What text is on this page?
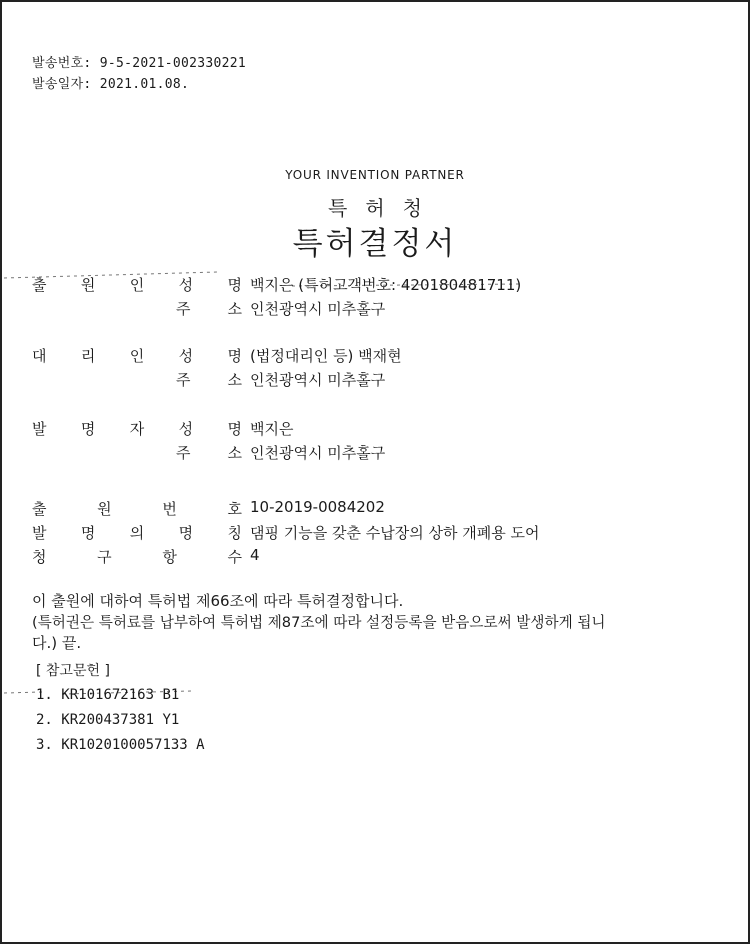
발송번호: 9-5-2021-002330221
발송일자: 2021.01.08.
YOUR INVENTION PARTNER
특허청
특허결정서
출 원 인 성 명 백지은 (특허고객번호: 420180481711)
주 소 인천광역시 미추홀구
대 리 인 성 명 (법정대리인 등) 백재현
주 소 인천광역시 미추홀구
발 명 자 성 명 백지은
주 소 인천광역시 미추홀구
출	원	번	호 10-2019-0084202
발 명 의 명 칭 댐핑 기능을 갖춘 수납장의 상하 개폐용 도어
청	구	항	수 4
이 출원에 대하여 특허법 제66조에 따라 특허결정합니다.
(특허권은 특허료를 납부하여 특허법 제87조에 따라 설정등록을 받음으로써 발생하게 됩니
다.) 끝.
[ 참고문헌 ]
1. KR101672163 B1
2. KR200437381 Y1
3. KR1020100057133 A
